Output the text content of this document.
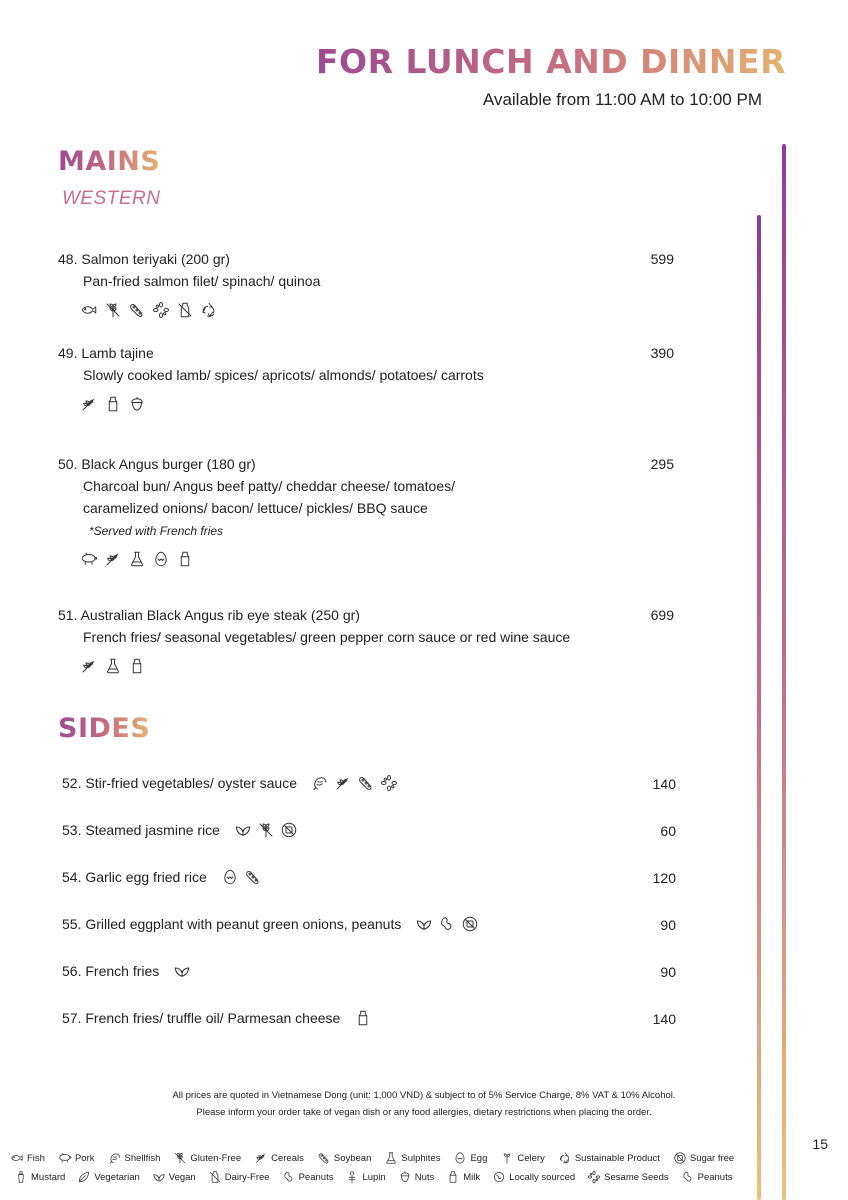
FOR LUNCH AND DINNER
Available from 11:00 AM to 10:00 PM
MAINS
WESTERN
48. Salmon teriyaki (200 gr)	599
Pan-fried salmon filet/ spinach/ quinoa
49. Lamb tajine	390
Slowly cooked lamb/ spices/ apricots/ almonds/ potatoes/ carrots
50. Black Angus burger (180 gr)	295
Charcoal bun/ Angus beef patty/ cheddar cheese/ tomatoes/
caramelized onions/ bacon/ lettuce/ pickles/ BBQ sauce
*Served with French fries
51. Australian Black Angus rib eye steak (250 gr)	699
French fries/ seasonal vegetables/ green pepper corn sauce or red wine sauce
SIDES
52. Stir-fried vegetables/ oyster sauce	140
53. Steamed jasmine rice	60
54. Garlic egg fried rice	120
55. Grilled eggplant with peanut green onions, peanuts	90
56. French fries	90
57. French fries/ truffle oil/ Parmesan cheese	140
All prices are quoted in Vietnamese Dong (unit: 1,000 VND) & subject to of 5% Service Charge, 8% VAT & 10% Alcohol.
Please inform your order take of vegan dish or any food allergies, dietary restrictions when placing the order.
15
Fish	Pork	Shellfish	Gluten-Free	Cereals	Soybean	Sulphites	Egg	Celery	Sustainable Product	Sugar free
Mustard	Vegetarian	Vegan	Dairy-Free	Peanuts	Lupin	Nuts	Milk	Locally sourced	Sesame Seeds	Peanuts
